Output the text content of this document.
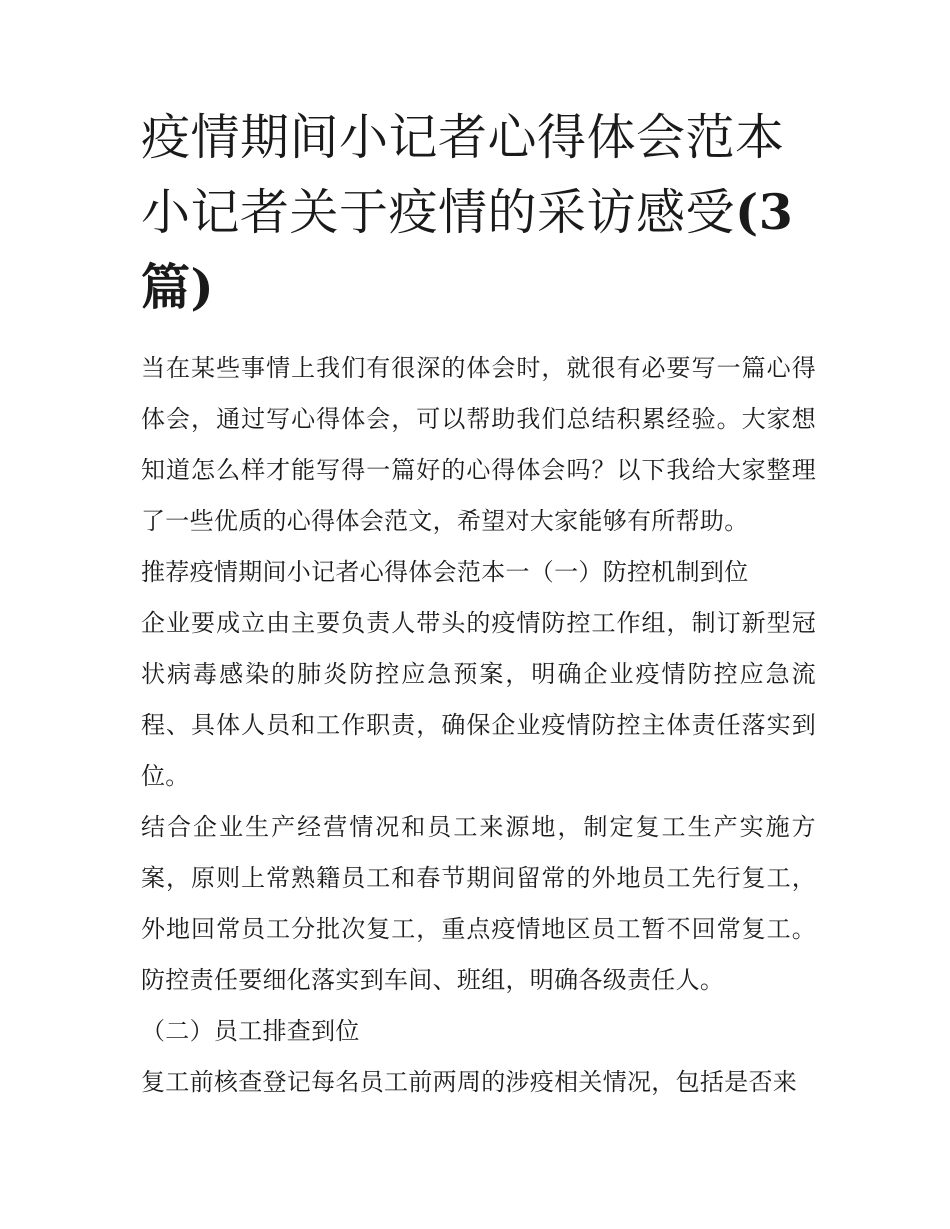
疫情期间小记者心得体会范本
小记者关于疫情的采访感受(3
篇)

当在某些事情上我们有很深的体会时，就很有必要写一篇心得体会，通过写心得体会，可以帮助我们总结积累经验。大家想知道怎么样才能写得一篇好的心得体会吗？以下我给大家整理了一些优质的心得体会范文，希望对大家能够有所帮助。

推荐疫情期间小记者心得体会范本一（一）防控机制到位

企业要成立由主要负责人带头的疫情防控工作组，制订新型冠状病毒感染的肺炎防控应急预案，明确企业疫情防控应急流程、具体人员和工作职责，确保企业疫情防控主体责任落实到位。

结合企业生产经营情况和员工来源地，制定复工生产实施方案，原则上常熟籍员工和春节期间留常的外地员工先行复工，外地回常员工分批次复工，重点疫情地区员工暂不回常复工。防控责任要细化落实到车间、班组，明确各级责任人。

（二）员工排查到位

复工前核查登记每名员工前两周的涉疫相关情况，包括是否来
